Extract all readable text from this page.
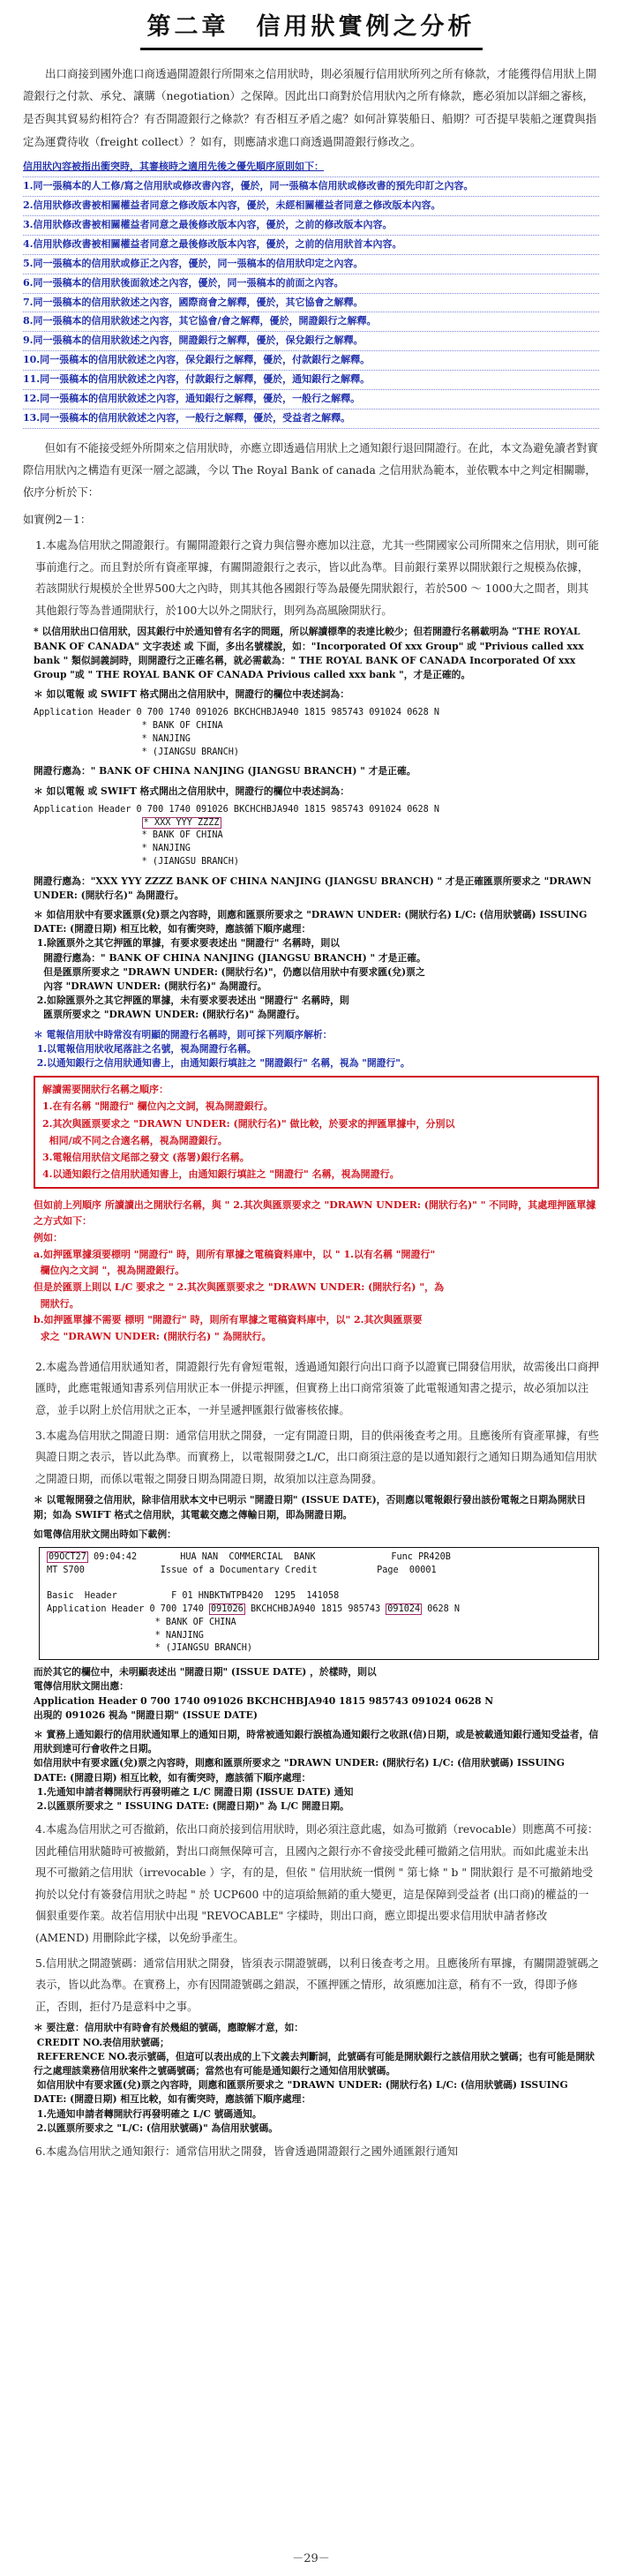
第二章　信用狀實例之分析

出口商接到國外進口商透過開證銀行所開來之信用狀時，則必須履行信用狀所列之所有條款，才能獲得信用狀上開證銀行之付款、承兌、讓購（negotiation）之保障。因此出口商對於信用狀內之所有條款，應必須加以詳細之審核，是否與其貿易約相符合？有否開證銀行之條款？有否相互矛盾之處？如何計算裝船日、船期？可否提早裝船之運費與指定為運費待收（freight collect）？如有，則應請求進口商透過開證銀行修改之。

信用狀內容被指出衝突時，其審核時之適用先後之優先順序原則如下：
1.同一張稿本的人工修/寫之信用狀或修改書內容，優於，同一張稿本信用狀或修改書的預先印訂之內容。
2.信用狀修改書被相關權益者同意之修改版本內容，優於，未經相關權益者同意之修改版本內容。
3.信用狀修改書被相關權益者同意之最後修改版本內容，優於，之前的修改版本內容。
4.信用狀修改書被相關權益者同意之最後修改版本內容，優於，之前的信用狀首本內容。
5.同一張稿本的信用狀或修正之內容，優於，同一張稿本的信用狀印定之內容。
6.同一張稿本的信用狀後面敘述之內容，優於，同一張稿本的前面之內容。
7.同一張稿本的信用狀敘述之內容，國際商會之解釋，優於，其它協會之解釋。
8.同一張稿本的信用狀敘述之內容，其它協會/會之解釋，優於，開證銀行之解釋。
9.同一張稿本的信用狀敘述之內容，開證銀行之解釋，優於，保兌銀行之解釋。
10.同一張稿本的信用狀敘述之內容，保兌銀行之解釋，優於，付款銀行之解釋。
11.同一張稿本的信用狀敘述之內容，付款銀行之解釋，優於，通知銀行之解釋。
12.同一張稿本的信用狀敘述之內容，通知銀行之解釋，優於，一般行之解釋。
13.同一張稿本的信用狀敘述之內容，一般行之解釋，優於，受益者之解釋。

但如有不能接受經外所開來之信用狀時，亦應立即透過信用狀上之通知銀行退回開證行。在此，本文為避免讀者對實際信用狀內之構造有更深一層之認識，今以 The Royal Bank of canada 之信用狀為範本，並依戰本中之判定相關聯，依序分析於下：

如實例2－1：

1.本處為信用狀之開證銀行。有關開證銀行之資力與信譽亦應加以注意，尤其一些開國家公司所開來之信用狀，則可能事前進行之。而且對於所有資產單據，有關開證銀行之表示，皆以此為準。目前銀行業界以開狀銀行之規模為依據，若該開狀行規模於全世界500大之內時，則其其他各國銀行等為最優先開狀銀行，若於500 ～ 1000大之間者，則其其他銀行等為普通開狀行，於100大以外之開狀行，則列為高風險開狀行。

* 以信用狀出口信用狀，因其銀行中於通知曾有名字的問題，所以解讀標準的表達比較少；但若開證行名稱載明為 "THE ROYAL BANK OF CANADA" 文字表述 或 下面，多出名號樣說，如："Incorporated Of xxx Group" 或 "Privious called xxx bank " 類似詞義詞時，則開證行之正確名稱，就必需載為：" THE ROYAL BANK OF CANADA Incorporated Of xxx Group "或 " THE ROYAL BANK OF CANADA Privious called xxx bank "，才是正確的。

＊ 如以電報 或 SWIFT 格式開出之信用狀中，開證行的欄位中表述詞為：

Application Header 0 700 1740 091026 BKCHCHBJA940 1815 985743 091024 0628 N
* BANK OF CHINA
* NANJING
* (JIANGSU BRANCH)

開證行應為：" BANK OF CHINA NANJING (JIANGSU BRANCH) " 才是正確。

＊ 如以電報 或 SWIFT 格式開出之信用狀中，開證行的欄位中表述詞為：

Application Header 0 700 1740 091026 BKCHCHBJA940 1815 985743 091024 0628 N
* XXX YYY ZZZZ
* BANK OF CHINA
* NANJING
* (JIANGSU BRANCH)

開證行應為："XXX YYY ZZZZ BANK OF CHINA NANJING (JIANGSU BRANCH) " 才是正確匯票所要求之 "DRAWN UNDER: (開狀行名)" 為開證行。

＊ 如信用狀中有要求匯票(兌)票之內容時，則應和匯票所要求之 "DRAWN UNDER: (開狀行名) L/C: (信用狀號碼) ISSUING DATE: (開證日期) 相互比較，如有衝突時，應該循下順序處理：
1.除匯票外之其它押匯的單據，有要求要表述出 "開證行" 名稱時，則以
開證行應為：" BANK OF CHINA NANJING (JIANGSU BRANCH) " 才是正確。
但是匯票所要求之 "DRAWN UNDER: (開狀行名)"，仍應以信用狀中有要求匯(兌)票之
內容 "DRAWN UNDER: (開狀行名)" 為開證行。
2.如除匯票外之其它押匯的單據，未有要求要表述出 "開證行" 名稱時，則
匯票所要求之 "DRAWN UNDER: (開狀行名)" 為開證行。

＊ 電報信用狀中時常沒有明顯的開證行名稱時，則可採下列順序解析：
1.以電報信用狀收尾落註之名號，視為開證行名稱。
2.以通知銀行之信用狀通知書上，由通知銀行填註之 "開證銀行" 名稱，視為 "開證行"。

解讀需要開狀行名稱之順序：
1.在有名稱 "開證行" 欄位內之文詞，視為開證銀行。
2.其次與匯票要求之 "DRAWN UNDER: (開狀行名)" 做比較，於要求的押匯單據中，分別以
相同/或不同之合適名稱，視為開證銀行。
3.電報信用狀信文尾部之發文 (落署)銀行名稱。
4.以通知銀行之信用狀通知書上，由通知銀行填註之 "開證行" 名稱，視為開證行。
但如前上列順序 所讀讀出之開狀行名稱，與 " 2.其次與匯票要求之 "DRAWN UNDER: (開狀行名)" " 不同時，其處理押匯單據之方式如下：
例如：
a.如押匯單據須要標明 "開證行" 時，則所有單據之電稿資料庫中，以 " 1.以有名稱 "開證行"
欄位內之文詞 "，視為開證銀行。
但是於匯票上則以 L/C 要求之 " 2.其次與匯票要求之 "DRAWN UNDER: (開狀行名) "，為
開狀行。
b.如押匯單據不需要 標明 "開證行" 時，則所有單據之電稿資料庫中，以" 2.其次與匯票要
求之 "DRAWN UNDER: (開狀行名) " 為開狀行。

2.本處為普通信用狀通知者，開證銀行先有會短電報，透過通知銀行向出口商予以證實已開發信用狀，故需後出口商押匯時，此應電報通知書系列信用狀正本一併提示押匯，但實務上出口商常須簽了此電報通知書之提示，故必須加以注意，並手以附上於信用狀之正本，一并呈遞押匯銀行做審核依據。

3.本處為信用狀之開證日期：通常信用狀之開發，一定有開證日期，目的供兩後查考之用。且應後所有資產單據，有些與證日期之表示，皆以此為準。而實務上，以電報開發之L/C，出口商須注意的是以通知銀行之通知日期為通知信用狀之開證日期，而係以電報之開發日期為開證日期，故須加以注意為開發。

＊ 以電報開發之信用狀，除非信用狀本文中已明示 "開證日期" (ISSUE DATE)，否則應以電報銀行發出該份電報之日期為開狀日期；如為 SWIFT 格式之信用狀，其電載交應之傳輸日期，即為開證日期。

如電傳信用狀文開出時如下載例：

09OCT27 09:04:42        HUA NAN  COMMERCIAL  BANK              Func PR420B
MT S700              Issue of a Documentary Credit           Page  00001

Basic  Header          F 01 HNBKTWTPB420  1295  141058
Application Header 0 700 1740 091026 BKCHCHBJA940 1815 985743 091024 0628 N
* BANK OF CHINA
* NANJING
* (JIANGSU BRANCH)

而於其它的欄位中，未明顯表述出 "開證日期" (ISSUE DATE) ，於樣時，則以
電傳信用狀文開出應：
Application Header 0 700 1740 091026 BKCHCHBJA940 1815 985743 091024 0628 N
出現的 091026 視為 "開證日期" (ISSUE DATE)

＊ 實務上通知銀行的信用狀通知單上的通知日期，時常被通知銀行誤植為通知銀行之收訊(信)日期，或是被載通知銀行通知受益者，信用狀到達可行會收件之日期。
如信用狀中有要求匯(兌)票之內容時，則應和匯票所要求之 "DRAWN UNDER: (開狀行名) L/C: (信用狀號碼) ISSUING DATE: (開證日期) 相互比較，如有衝突時，應該循下順序處理：
1.先通知申請者轉開狀行再發明確之 L/C 開證日期 (ISSUE DATE) 通知
2.以匯票所要求之 " ISSUING DATE: (開證日期)" 為 L/C 開證日期。

4.本處為信用狀之可否撤銷，依出口商於接到信用狀時，則必須注意此處，如為可撤銷（revocable）則應萬不可接：因此種信用狀隨時可被撤銷，對出口商無保障可言，且國內之銀行亦不會接受此種可撤銷之信用狀。而如此處並未出現不可撤銷之信用狀（irrevocable ）字，有的是，但依 " 信用狀統一慣例 " 第七條 " b " 開狀銀行 是不可撤銷地受拘於以兌付有簽發信用狀之時起 " 於 UCP600 中的這項給無銷的重大變更，這是保障到受益者 (出口商)的權益的一個狠重要作業。故若信用狀中出現 "REVOCABLE" 字樣時，則出口商，應立即提出要求信用狀申請者修改 (AMEND) 用刪除此字樣，以免紛爭產生。

5.信用狀之開證號碼：通常信用狀之開發，皆須表示開證號碼，以利日後查考之用。且應後所有單據，有關開證號碼之表示，皆以此為準。在實務上，亦有因開證號碼之錯誤，不匯押匯之情形，故須應加注意，稍有不一致，得即予修正，否則，拒付乃是意料中之事。

＊ 要注意：信用狀中有時會有於幾組的號碼，應瞭解才意，如：
CREDIT NO.表信用狀號碼；
REFERENCE NO.表示號碼，但這可以表出成的上下文義去判斷詞，此號碼有可能是開狀銀行之該信用狀之號碼；也有可能是開狀行之處理該業務信用狀案件之號碼號碼；當然也有可能是通知銀行之通知信用狀號碼。
如信用狀中有要求匯(兌)票之內容時，則應和匯票所要求之 "DRAWN UNDER: (開狀行名) L/C: (信用狀號碼) ISSUING DATE: (開證日期) 相互比較，如有衝突時，應該循下順序處理：
1.先通知申請者轉開狀行再發明確之 L/C 號碼通知。
2.以匯票所要求之 "L/C: (信用狀號碼)" 為信用狀號碼。

6.本處為信用狀之通知銀行：通常信用狀之開發，皆會透過開證銀行之國外通匯銀行通知

－29－
